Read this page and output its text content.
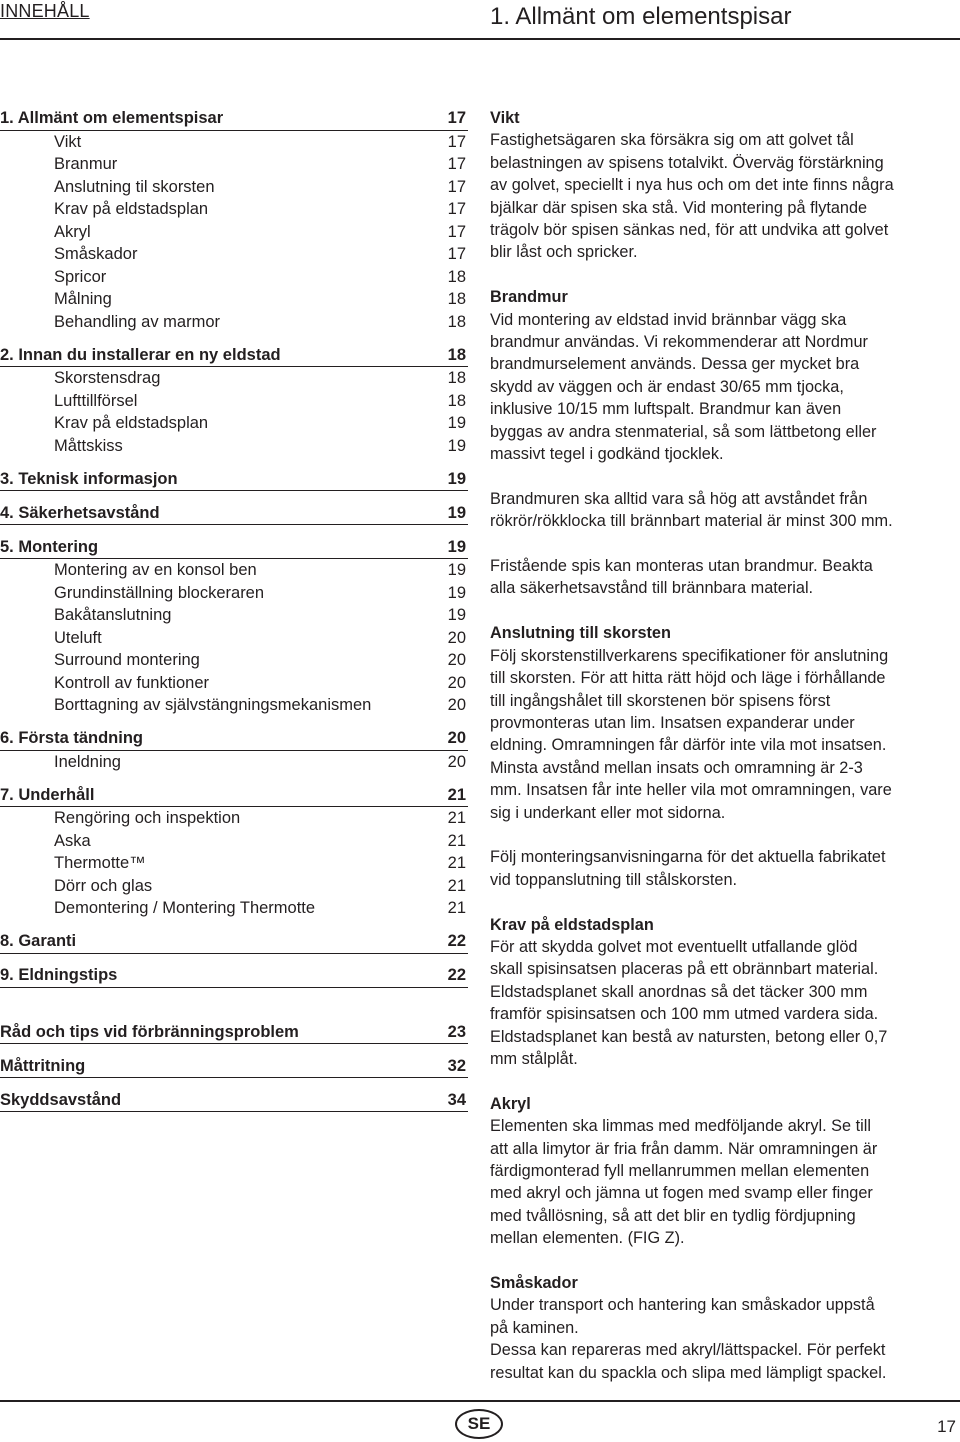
INNEHÅLL	1. Allmänt om elementspisar
1. Allmänt om elementspisar	17
Vikt	17
Branmur	17
Anslutning til skorsten	17
Krav på eldstadsplan	17
Akryl	17
Småskador	17
Spricor	18
Målning	18
Behandling av marmor	18
2. Innan du installerar en ny eldstad	18
Skorstensdrag	18
Lufttillförsel	18
Krav på eldstadsplan	19
Måttskiss	19
3. Teknisk informasjon	19
4. Säkerhetsavstånd	19
5. Montering	19
Montering av en konsol ben	19
Grundinställning blockeraren	19
Bakåtanslutning	19
Uteluft	20
Surround montering	20
Kontroll av funktioner	20
Borttagning av självstängningsmekanismen	20
6. Första tändning	20
Ineldning	20
7. Underhåll	21
Rengöring och inspektion	21
Aska	21
Thermotte™	21
Dörr och glas	21
Demontering / Montering Thermotte	21
8. Garanti	22
9. Eldningstips	22
Råd och tips vid förbränningsproblem	23
Måttritning	32
Skyddsavstånd	34
Vikt

Fastighetsägaren ska försäkra sig om att golvet tål
belastningen av spisens totalvikt. Överväg förstärkning
av golvet, speciellt i nya hus och om det inte finns några
bjälkar där spisen ska stå. Vid montering på flytande
trägolv bör spisen sänkas ned, för att undvika att golvet
blir låst och spricker.

Brandmur

Vid montering av eldstad invid brännbar vägg ska
brandmur användas. Vi rekommenderar att Nordmur
brandmurselement används. Dessa ger mycket bra
skydd av väggen och är endast 30/65 mm tjocka,
inklusive 10/15 mm luftspalt. Brandmur kan även
byggas av andra stenmaterial, så som lättbetong eller
massivt tegel i godkänd tjocklek.

Brandmuren ska alltid vara så hög att avståndet från
rökrör/rökklocka till brännbart material är minst 300 mm.

Fristående spis kan monteras utan brandmur. Beakta
alla säkerhetsavstånd till brännbara material.

Anslutning till skorsten

Följ skorstenstillverkarens specifikationer för anslutning
till skorsten. För att hitta rätt höjd och läge i förhållande
till ingångshålet till skorstenen bör spisens först
provmonteras utan lim. Insatsen expanderar under
eldning. Omramningen får därför inte vila mot insatsen.
Minsta avstånd mellan insats och omramning är 2-3
mm. Insatsen får inte heller vila mot omramningen, vare
sig i underkant eller mot sidorna.

Följ monteringsanvisningarna för det aktuella fabrikatet
vid toppanslutning till stålskorsten.

Krav på eldstadsplan

För att skydda golvet mot eventuellt utfallande glöd
skall spisinsatsen placeras på ett obrännbart material.
Eldstadsplanet skall anordnas så det täcker 300 mm
framför spisinsatsen och 100 mm utmed vardera sida.
Eldstadsplanet kan bestå av natursten, betong eller 0,7
mm stålplåt.

Akryl

Elementen ska limmas med medföljande akryl. Se till
att alla limytor är fria från damm. När omramningen är
färdigmonterad fyll mellanrummen mellan elementen
med akryl och jämna ut fogen med svamp eller finger
med tvållösning, så att det blir en tydlig fördjupning
mellan elementen. (FIG Z).

Småskador

Under transport och hantering kan småskador uppstå
på kaminen.
Dessa kan repareras med akryl/lättspackel. För perfekt
resultat kan du spackla och slipa med lämpligt spackel.

SE	17
